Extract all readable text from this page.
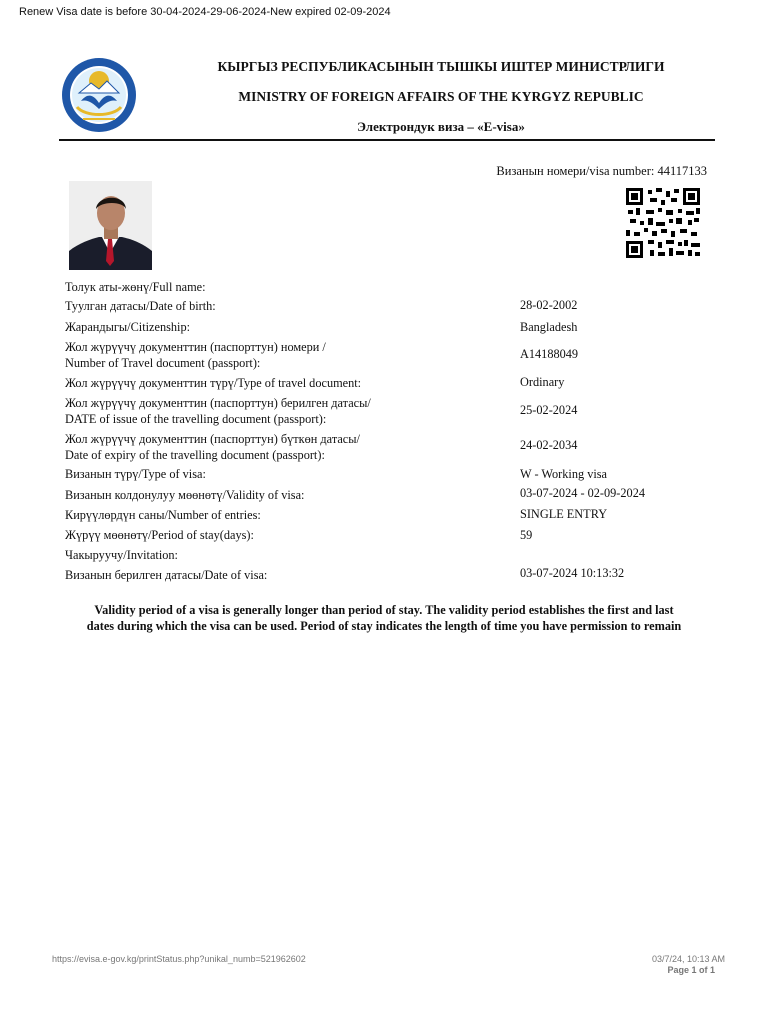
Renew Visa date is before 30-04-2024-29-06-2024-New expired 02-09-2024
КЫРГЫЗ РЕСПУБЛИКАСЫНЫН ТЫШКЫ ИШТЕР МИНИСТРЛИГИ
MINISTRY OF FOREIGN AFFAIRS OF THE KYRGYZ REPUBLIC
Электрондук виза – «E-visa»
Визанын номери/visa number: 44117133
Толук аты-жөнү/Full name:
Туулган датасы/Date of birth:	28-02-2002
Жарандыгы/Citizenship:	Bangladesh
Жол жүрүүчү документтин (паспорттун) номери /
Number of Travel document (passport):
A14188049
Жол жүрүүчү документтин түрү/Type of travel document:	Ordinary
Жол жүрүүчү документтин (паспорттун) берилген датасы/
DATE of issue of the travelling document (passport):
25-02-2024
Жол жүрүүчү документтин (паспорттун) бүткөн датасы/
Date of expiry of the travelling document (passport):
24-02-2034
Визанын түрү/Type of visa:	W - Working visa
Визанын колдонулуу мөөнөтү/Validity of visa:	03-07-2024 - 02-09-2024
Кирүүлөрдүн саны/Number of entries:	SINGLE ENTRY
Жүрүү мөөнөтү/Period of stay(days):	59
Чакыруучу/Invitation:
Визанын берилген датасы/Date of visa:	03-07-2024 10:13:32
Validity period of a visa is generally longer than period of stay. The validity period establishes the first and last
dates during which the visa can be used. Period of stay indicates the length of time you have permission to remain
https://evisa.e-gov.kg/printStatus.php?unikal_numb=521962602	03/7/24, 10:13 AM
Page 1 of 1
